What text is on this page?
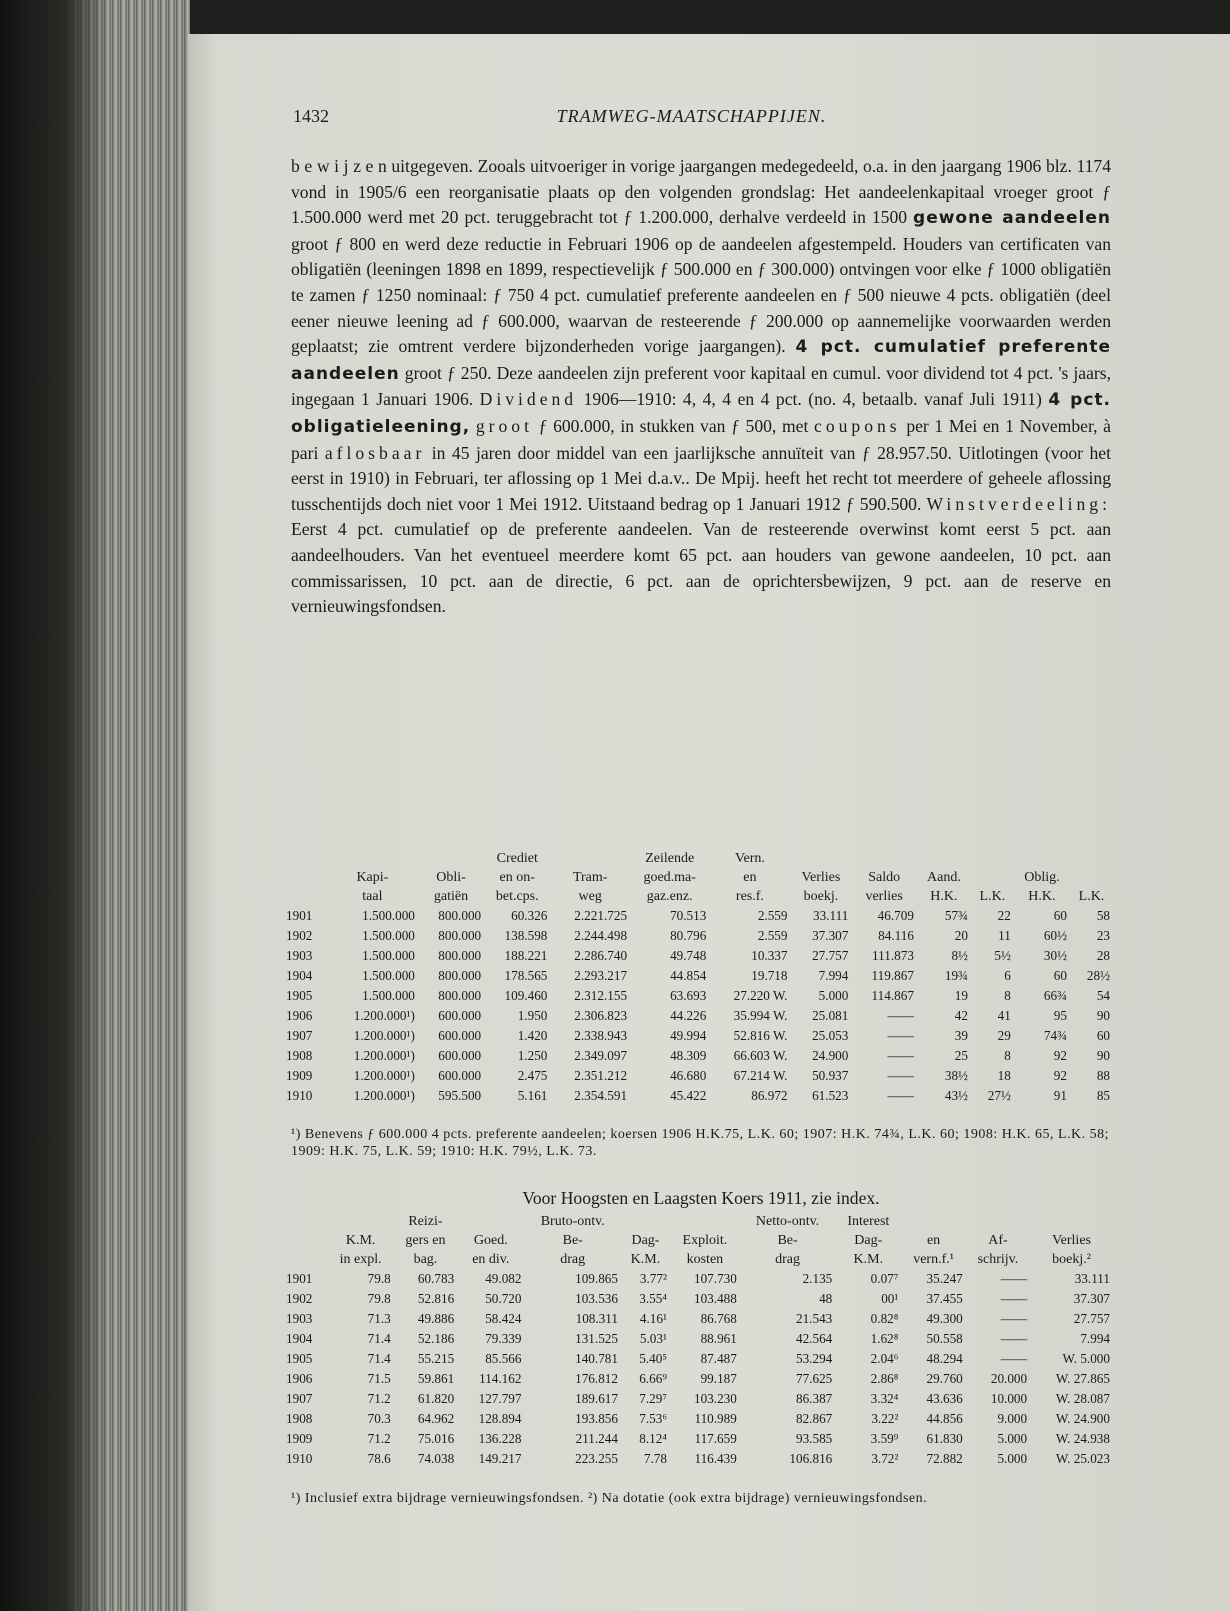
1432	TRAMWEG-MAATSCHAPPIJEN.

b e w i j z e n uitgegeven. Zooals uitvoeriger in vorige jaargangen medegedeeld, o.a. in den jaargang 1906 blz. 1174 vond in 1905/6 een reorganisatie plaats op den volgenden grondslag: Het aandeelenkapitaal vroeger groot ƒ 1.500.000 werd met 20 pct. teruggebracht tot ƒ 1.200.000, derhalve verdeeld in 1500 gewone aandeelen groot ƒ 800 en werd deze reductie in Februari 1906 op de aandeelen afgestempeld. Houders van certificaten van obligatiën (leeningen 1898 en 1899, respectievelijk ƒ 500.000 en ƒ 300.000) ontvingen voor elke ƒ 1000 obligatiën te zamen ƒ 1250 nominaal: ƒ 750 4 pct. cumulatief preferente aandeelen en ƒ 500 nieuwe 4 pcts. obligatiën (deel eener nieuwe leening ad ƒ 600.000, waarvan de resteerende ƒ 200.000 op aannemelijke voorwaarden werden geplaatst; zie omtrent verdere bijzonderheden vorige jaargangen). 4 pct. cumulatief preferente aandeelen groot ƒ 250. Deze aandeelen zijn preferent voor kapitaal en cumul. voor dividend tot 4 pct. 's jaars, ingegaan 1 Januari 1906. Dividend 1906—1910: 4, 4, 4 en 4 pct. (no. 4, betaalb. vanaf Juli 1911) 4 pct. obligatieleening, groot ƒ 600.000, in stukken van ƒ 500, met coupons per 1 Mei en 1 November, à pari aflosbaar in 45 jaren door middel van een jaarlijksche annuïteit van ƒ 28.957.50. Uitlotingen (voor het eerst in 1910) in Februari, ter aflossing op 1 Mei d.a.v.. De Mpij. heeft het recht tot meerdere of geheele aflossing tusschentijds doch niet voor 1 Mei 1912. Uitstaand bedrag op 1 Januari 1912 ƒ 590.500. Winstverdeeling: Eerst 4 pct. cumulatief op de preferente aandeelen. Van de resteerende overwinst komt eerst 5 pct. aan aandeelhouders. Van het eventueel meerdere komt 65 pct. aan houders van gewone aandeelen, 10 pct. aan commissarissen, 10 pct. aan de directie, 6 pct. aan de oprichtersbewijzen, 9 pct. aan de reserve en vernieuwingsfondsen.

			Crediet		Zeilende	Vern.						
	Kapi-	Obli-	en on-	Tram-	goed.ma-	en	Verlies	Saldo	Aand.		Oblig.	
	taal	gatiën	bet.cps.	weg	gaz.enz.	res.f.	boekj.	verlies	H.K.	L.K.	H.K.	L.K.
1901	1.500.000	800.000	60.326	2.221.725	70.513	2.559	33.111	46.709	57¾	22	60	58
1902	1.500.000	800.000	138.598	2.244.498	80.796	2.559	37.307	84.116	20	11	60½	23
1903	1.500.000	800.000	188.221	2.286.740	49.748	10.337	27.757	111.873	8½	5½	30½	28
1904	1.500.000	800.000	178.565	2.293.217	44.854	19.718	7.994	119.867	19¾	6	60	28½
1905	1.500.000	800.000	109.460	2.312.155	63.693	27.220 W.	5.000	114.867	19	8	66¾	54
1906	1.200.000¹)	600.000	1.950	2.306.823	44.226	35.994 W.	25.081	——	42	41	95	90
1907	1.200.000¹)	600.000	1.420	2.338.943	49.994	52.816 W.	25.053	——	39	29	74¾	60
1908	1.200.000¹)	600.000	1.250	2.349.097	48.309	66.603 W.	24.900	——	25	8	92	90
1909	1.200.000¹)	600.000	2.475	2.351.212	46.680	67.214 W.	50.937	——	38½	18	92	88
1910	1.200.000¹)	595.500	5.161	2.354.591	45.422	86.972	61.523	——	43½	27½	91	85
¹) Benevens ƒ 600.000 4 pcts. preferente aandeelen; koersen 1906 H.K.75, L.K. 60; 1907: H.K. 74¾, L.K. 60; 1908: H.K. 65, L.K. 58; 1909: H.K. 75, L.K. 59; 1910: H.K. 79½, L.K. 73.
Voor Hoogsten en Laagsten Koers 1911, zie index.
		Reizi-		Bruto-ontv.			Netto-ontv.	Interest			
	K.M.	gers en	Goed.	Be-	Dag-	Exploit.	Be-	Dag-	en	Af-	Verlies
	in expl.	bag.	en div.	drag	K.M.	kosten	drag	K.M.	vern.f.¹	schrijv.	boekj.²
1901	79.8	60.783	49.082	109.865	3.77²	107.730	2.135	0.07⁷	35.247	——	33.111
1902	79.8	52.816	50.720	103.536	3.55⁴	103.488	48	00¹	37.455	——	37.307
1903	71.3	49.886	58.424	108.311	4.16¹	86.768	21.543	0.82⁸	49.300	——	27.757
1904	71.4	52.186	79.339	131.525	5.03¹	88.961	42.564	1.62⁸	50.558	——	7.994
1905	71.4	55.215	85.566	140.781	5.40⁵	87.487	53.294	2.04⁶	48.294	——	W. 5.000
1906	71.5	59.861	114.162	176.812	6.66⁹	99.187	77.625	2.86⁸	29.760	20.000	W. 27.865
1907	71.2	61.820	127.797	189.617	7.29⁷	103.230	86.387	3.32⁴	43.636	10.000	W. 28.087
1908	70.3	64.962	128.894	193.856	7.53⁶	110.989	82.867	3.22²	44.856	9.000	W. 24.900
1909	71.2	75.016	136.228	211.244	8.12⁴	117.659	93.585	3.59⁹	61.830	5.000	W. 24.938
1910	78.6	74.038	149.217	223.255	7.78	116.439	106.816	3.72²	72.882	5.000	W. 25.023
¹) Inclusief extra bijdrage vernieuwingsfondsen. ²) Na dotatie (ook extra bijdrage) vernieuwingsfondsen.
